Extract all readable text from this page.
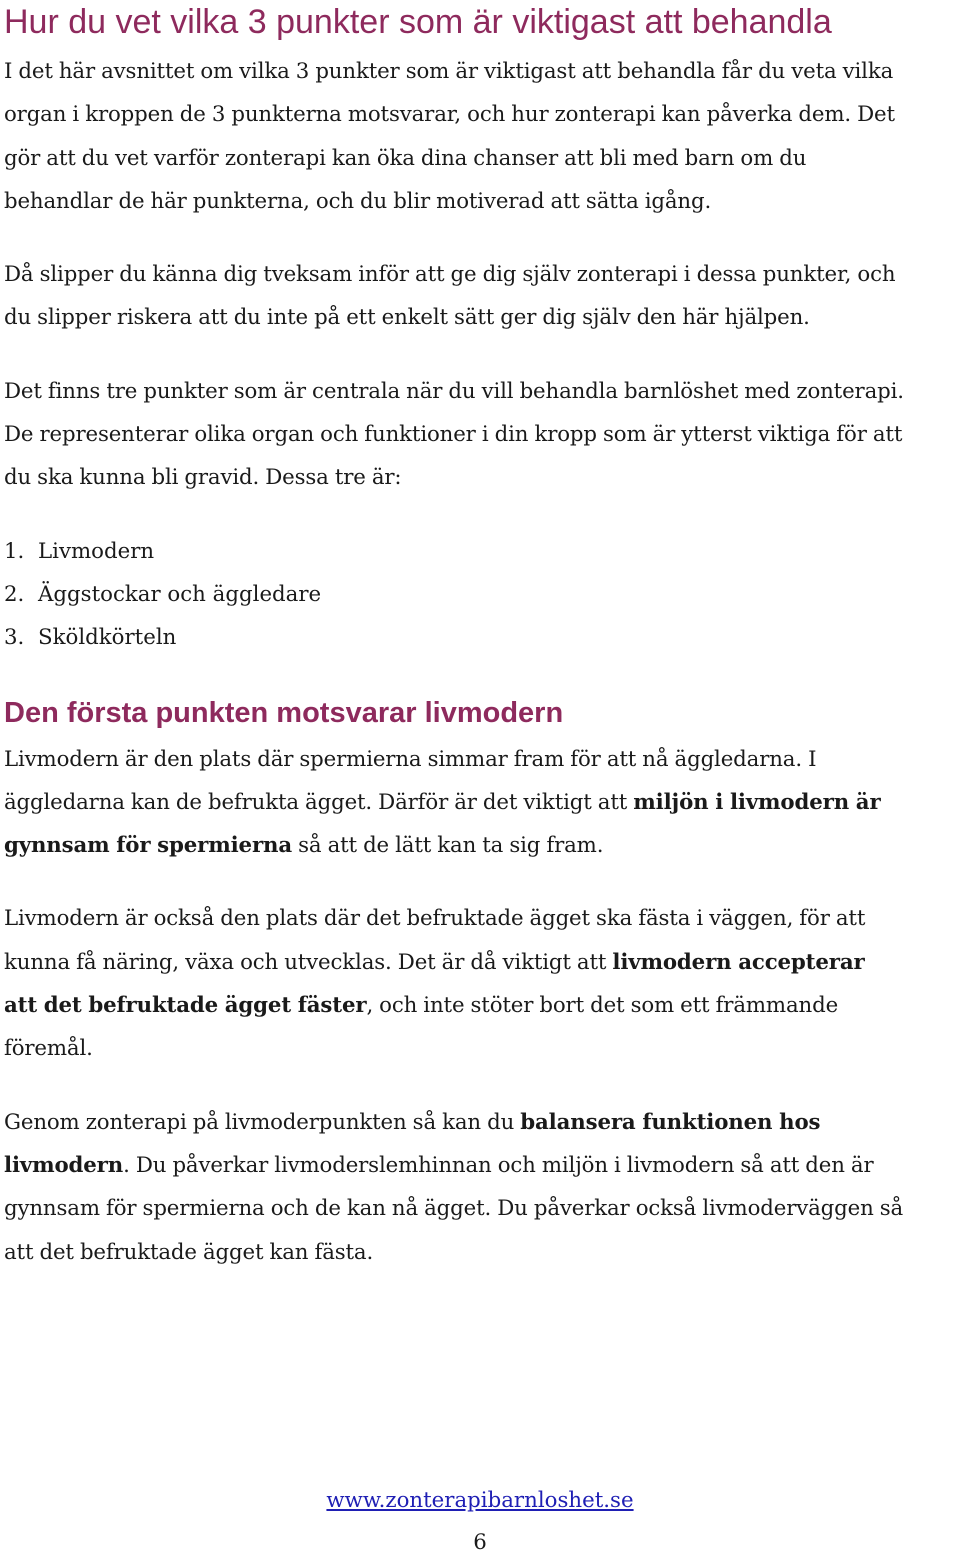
Hur du vet vilka 3 punkter som är viktigast att behandla

I det här avsnittet om vilka 3 punkter som är viktigast att behandla får du veta vilka
organ i kroppen de 3 punkterna motsvarar, och hur zonterapi kan påverka dem. Det
gör att du vet varför zonterapi kan öka dina chanser att bli med barn om du
behandlar de här punkterna, och du blir motiverad att sätta igång.

Då slipper du känna dig tveksam inför att ge dig själv zonterapi i dessa punkter, och
du slipper riskera att du inte på ett enkelt sätt ger dig själv den här hjälpen.

Det finns tre punkter som är centrala när du vill behandla barnlöshet med zonterapi.
De representerar olika organ och funktioner i din kropp som är ytterst viktiga för att
du ska kunna bli gravid. Dessa tre är:

1. Livmodern
2. Äggstockar och äggledare
3. Sköldkörteln
Den första punkten motsvarar livmodern

Livmodern är den plats där spermierna simmar fram för att nå äggledarna. I
äggledarna kan de befrukta ägget. Därför är det viktigt att miljön i livmodern är
gynnsam för spermierna så att de lätt kan ta sig fram.

Livmodern är också den plats där det befruktade ägget ska fästa i väggen, för att
kunna få näring, växa och utvecklas. Det är då viktigt att livmodern accepterar
att det befruktade ägget fäster, och inte stöter bort det som ett främmande
föremål.

Genom zonterapi på livmoderpunkten så kan du balansera funktionen hos
livmodern. Du påverkar livmoderslemhinnan och miljön i livmodern så att den är
gynnsam för spermierna och de kan nå ägget. Du påverkar också livmoderväggen så
att det befruktade ägget kan fästa.

www.zonterapibarnloshet.se
6
